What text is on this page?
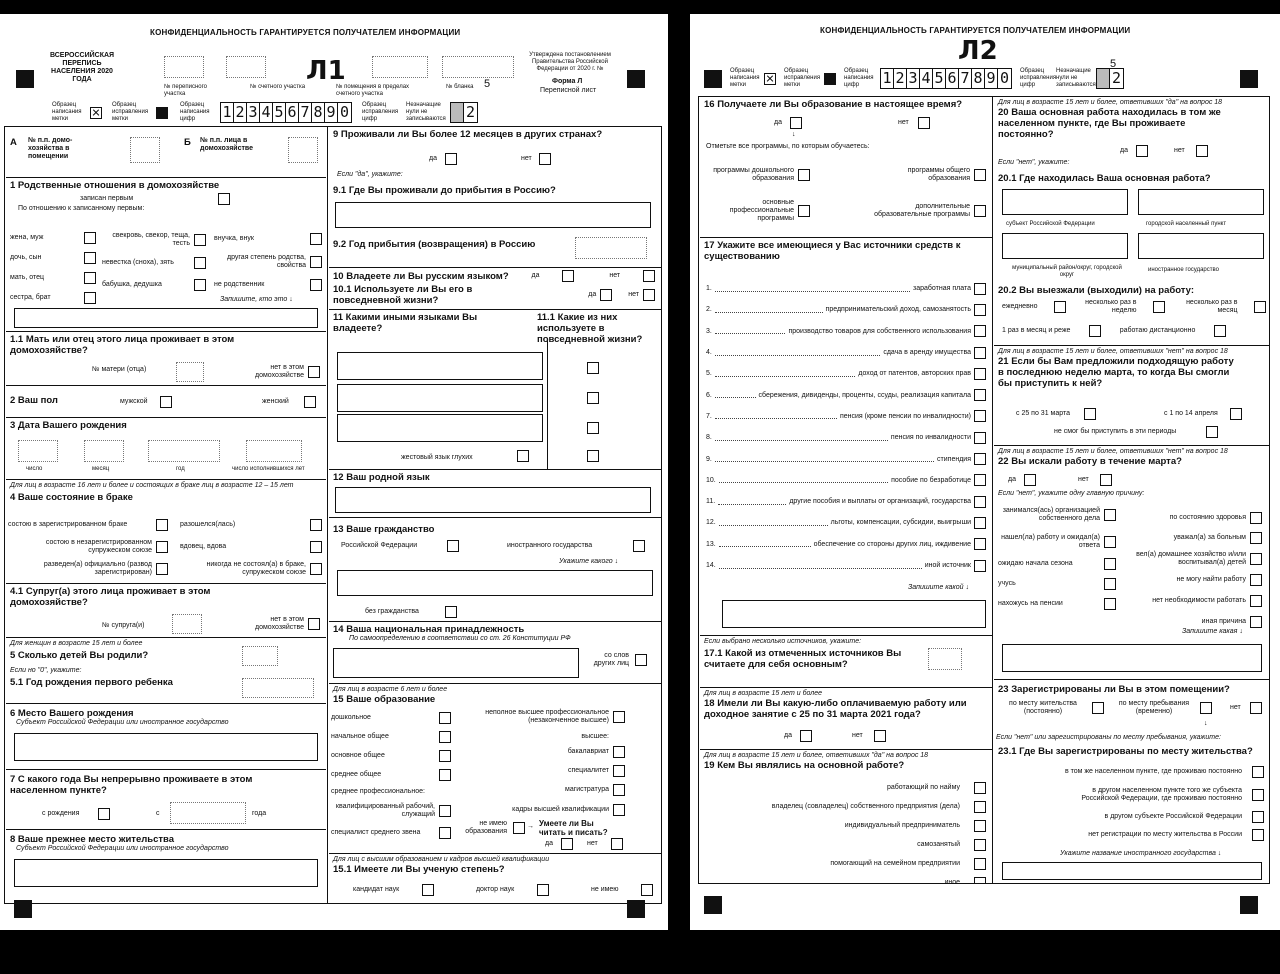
КОНФИДЕНЦИАЛЬНОСТЬ ГАРАНТИРУЕТСЯ ПОЛУЧАТЕЛЕМ ИНФОРМАЦИИ
ВСЕРОССИЙСКАЯ ПЕРЕПИСЬ НАСЕЛЕНИЯ 2020 ГОДА	Л1
№ переписного участка
№ счетного участка	№ помещения в пределах счетного участка
№ бланка
Утверждена постановлением Правительства Российской Федерации от 2020 г. №
Форма Л
Переписной лист
5
Образец написания метки
Образец исправления метки
Образец написания цифр	1 2 3 4 5 6 7 8 9 0	Образец исправления цифр
Незначащие нули не записываются 2
А № п.п. домо-хозяйства в помещении
Б № п.п. лица в домохозяйстве
1 Родственные отношения в домохозяйстве
записан первым
По отношению к записанному первым:
жена, муж
дочь, сын
мать, отец
сестра, брат
свекровь, свекор, теща, тесть
невестка (сноха), зять
бабушка, дедушка
внучка, внук
другая степень родства, свойства
не родственник
Запишите, кто это ↓
1.1 Мать или отец этого лица проживает в этом домохозяйстве?
№ матери (отца)	нет в этом домохозяйстве
2 Ваш пол	мужской	женский
3 Дата Вашего рождения
число	месяц	год	число исполнившихся лет
Для лиц в возрасте 16 лет и более и состоящих в браке лиц в возрасте 12 – 15 лет
4 Ваше состояние в браке
состою в зарегистрированном браке
состою в незарегистрированном супружеском союзе
разведен(а) официально (развод зарегистрирован)
разошелся(лась)
вдовец, вдова
никогда не состоял(а) в браке, супружеском союзе
4.1 Супруг(а) этого лица проживает в этом домохозяйстве?
№ супруга(и)
нет в этом домохозяйстве
Для женщин в возрасте 15 лет и более
5 Сколько детей Вы родили?
Если но "0", укажите:
5.1 Год рождения первого ребенка
6 Место Вашего рождения
Субъект Российской Федерации или иностранное государство
7 С какого года Вы непрерывно проживаете в этом населенном пункте?
с рождения	с	года
8 Ваше прежнее место жительства
Субъект Российской Федерации или иностранное государство
9 Проживали ли Вы более 12 месяцев в других странах?
да	нет
Если "да", укажите:
9.1 Где Вы проживали до прибытия в Россию?
9.2 Год прибытия (возвращения) в Россию
10 Владеете ли Вы русским языком?	да	нет
10.1 Используете ли Вы его в повседневной жизни?
да	нет
11 Какими иными языками Вы владеете?
11.1 Какие из них используете в повседневной жизни?
жестовый язык глухих
12 Ваш родной язык
13 Ваше гражданство
Российской Федерации	иностранного государства
Укажите какого ↓
без гражданства
14 Ваша национальная принадлежность
По самоопределению в соответствии со ст. 26 Конституции РФ
со слов других лиц
Для лиц в возрасте 6 лет и более
15 Ваше образование
дошкольное
начальное общее
основное общее
среднее общее
среднее профессиональное:
квалифицированный рабочий, служащий
специалист среднего звена
неполное высшее профессиональное (незаконченное высшее)
высшее:
бакалавриат
специалитет
магистратура
кадры высшей квалификации
не имею образования
→ Умеете ли Вы читать и писать?
да	нет
Для лиц с высшим образованием и кадров высшей квалификации
15.1 Имеете ли Вы ученую степень?
кандидат наук	доктор наук	не имею
КОНФИДЕНЦИАЛЬНОСТЬ ГАРАНТИРУЕТСЯ ПОЛУЧАТЕЛЕМ ИНФОРМАЦИИ
Л2
Образец написания метки
Образец исправления метки
Образец написания цифр	1 2 3 4 5 6 7 8 9 0	Образец исправления цифр
Незначащие нули не записываются 2
5
16 Получаете ли Вы образование в настоящее время?
да	нет
↓
Отметьте все программы, по которым обучаетесь:
программы дошкольного образования
основные профессиональные программы
программы общего образования
дополнительные образовательные программы
17 Укажите все имеющиеся у Вас источники средств к существованию
1.	заработная плата
2.	предпринимательский доход, самозанятость
3.	производство товаров для собственного использования
4.	сдача в аренду имущества
5.	доход от патентов, авторских прав
6.	сбережения, дивиденды, проценты, ссуды, реализация капитала
7.	пенсия (кроме пенсии по инвалидности)
8.	пенсия по инвалидности
9.	стипендия
10.	пособие по безработице
11.	другие пособия и выплаты от организаций, государства
12.	льготы, компенсации, субсидии, выигрыши
13.	обеспечение со стороны других лиц, иждивение
14.	иной источник
Запишите какой ↓
Если выбрано несколько источников, укажите:
17.1 Какой из отмеченных источников Вы считаете для себя основным?
Для лиц в возрасте 15 лет и более
18 Имели ли Вы какую-либо оплачиваемую работу или доходное занятие с 25 по 31 марта 2021 года?
да	нет
Для лиц в возрасте 15 лет и более, ответивших "да" на вопрос 18
19 Кем Вы являлись на основной работе?
работающий по найму
владелец (совладелец) собственного предприятия (дела)
индивидуальный предприниматель
самозанятый
помогающий на семейном предприятии
иное
Для лиц в возрасте 15 лет и более, ответивших "да" на вопрос 18
20 Ваша основная работа находилась в том же населенном пункте, где Вы проживаете постоянно?
да	нет
Если "нет", укажите:
20.1 Где находилась Ваша основная работа?
субъект Российской Федерации	городской населенный пункт
муниципальный район/округ, городской округ
иностранное государство
20.2 Вы выезжали (выходили) на работу:
ежедневно
несколько раз в неделю
несколько раз в месяц
1 раз в месяц и реже	работаю дистанционно
Для лиц в возрасте 15 лет и более, ответивших "нет" на вопрос 18
21 Если бы Вам предложили подходящую работу в последнюю неделю марта, то когда Вы смогли бы приступить к ней?
с 25 по 31 марта	с 1 по 14 апреля
не смог бы приступить в эти периоды
Для лиц в возрасте 15 лет и более, ответивших "нет" на вопрос 18
22 Вы искали работу в течение марта?
да	нет
Если "нет", укажите одну главную причину:
занимался(ась) организацией собственного дела
нашел(ла) работу и ожидал(а) ответа
ожидаю начала сезона
учусь
нахожусь на пенсии
по состоянию здоровья
уважал(а) за больным
вел(а) домашнее хозяйство и/или воспитывал(а) детей
не могу найти работу
нет необходимости работать
иная причина
Запишите какая ↓
23 Зарегистрированы ли Вы в этом помещении?
по месту жительства (постоянно)
по месту пребывания (временно)
нет
↓
Если "нет" или зарегистрированы по месту пребывания, укажите:
23.1 Где Вы зарегистрированы по месту жительства?
в том же населенном пункте, где проживаю постоянно
в другом населенном пункте того же субъекта Российской Федерации, где проживаю постоянно
в другом субъекте Российской Федерации
нет регистрации по месту жительства в России
Укажите название иностранного государства ↓
